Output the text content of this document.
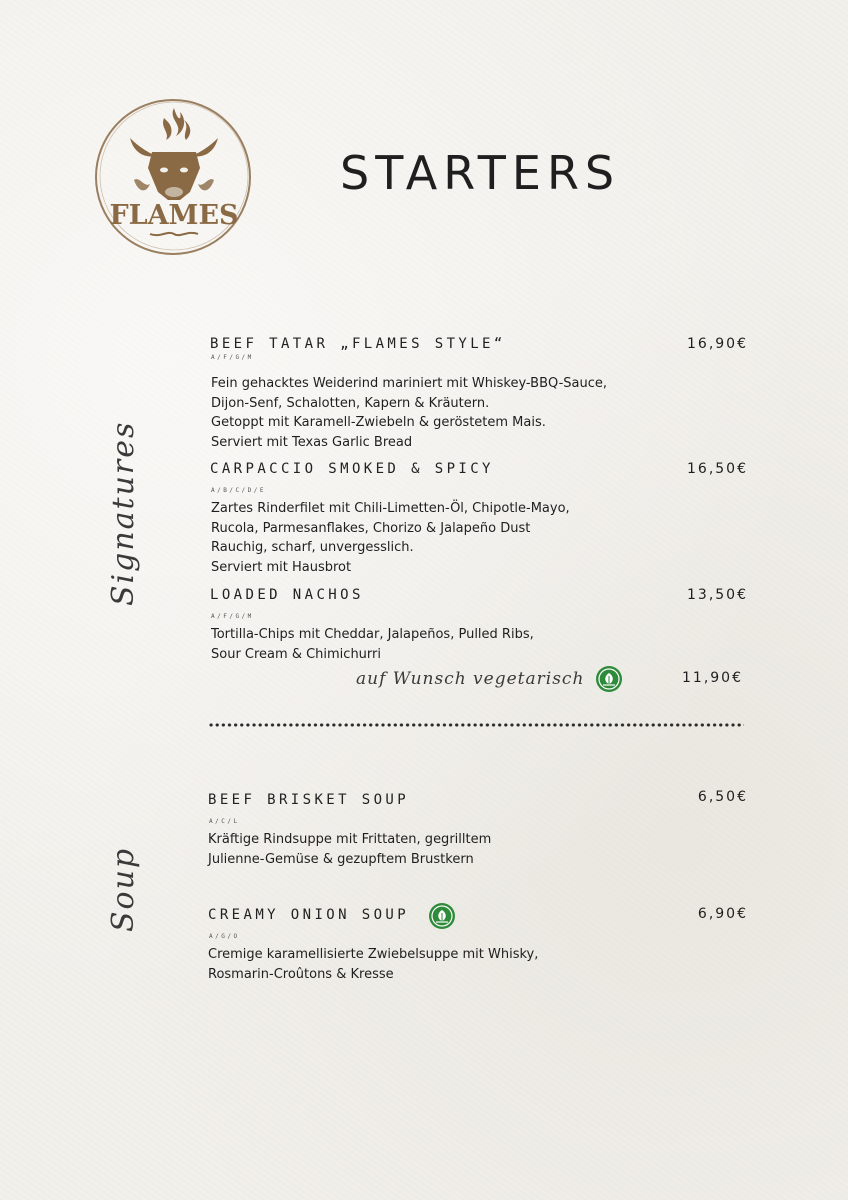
FLAMES
STARTERS
Signatures
Soup
BEEF TATAR „FLAMES STYLE“
A/F/G/M
16,90€
Fein gehacktes Weiderind mariniert mit Whiskey-BBQ-Sauce,
Dijon-Senf, Schalotten, Kapern & Kräutern.
Getoppt mit Karamell-Zwiebeln & geröstetem Mais.
Serviert mit Texas Garlic Bread
CARPACCIO SMOKED & SPICY
A/B/C/D/E
16,50€
Zartes Rinderfilet mit Chili-Limetten-Öl, Chipotle-Mayo,
Rucola, Parmesanflakes, Chorizo & Jalapeño Dust
Rauchig, scharf, unvergesslich.
Serviert mit Hausbrot
LOADED NACHOS
A/F/G/M
13,50€
Tortilla-Chips mit Cheddar, Jalapeños, Pulled Ribs,
Sour Cream & Chimichurri
auf Wunsch vegetarisch	11,90€
BEEF BRISKET SOUP
A/C/L
6,50€
Kräftige Rindsuppe mit Frittaten, gegrilltem
Julienne-Gemüse & gezupftem Brustkern
CREAMY ONION SOUP
A/G/O
6,90€
Cremige karamellisierte Zwiebelsuppe mit Whisky,
Rosmarin-Croûtons & Kresse
